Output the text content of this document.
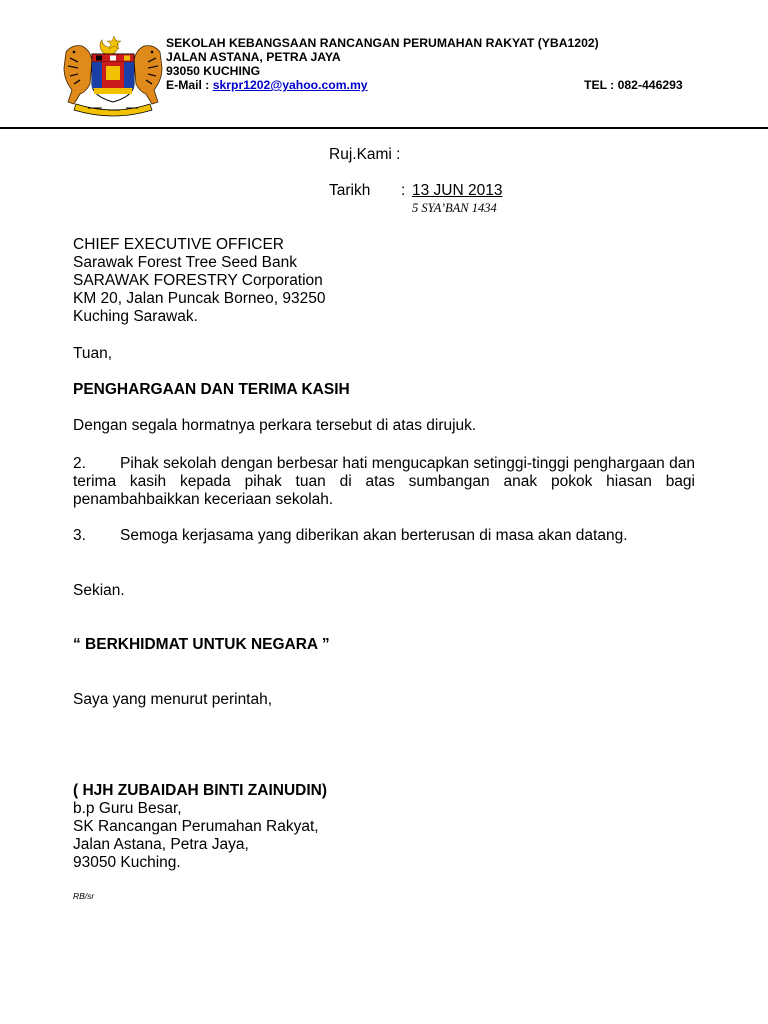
SEKOLAH KEBANGSAAN RANCANGAN PERUMAHAN RAKYAT (YBA1202)
JALAN ASTANA, PETRA JAYA
93050 KUCHING
E-Mail : skrpr1202@yahoo.com.my	TEL : 082-446293
Ruj.Kami :
Tarikh : 13 JUN 2013
5 SYA’BAN 1434
CHIEF EXECUTIVE OFFICER
Sarawak Forest Tree Seed Bank
SARAWAK FORESTRY Corporation
KM 20, Jalan Puncak Borneo, 93250
Kuching Sarawak.
Tuan,
PENGHARGAAN DAN TERIMA KASIH
Dengan segala hormatnya perkara tersebut di atas dirujuk.
2. Pihak sekolah dengan berbesar hati mengucapkan setinggi-tinggi penghargaan dan terima kasih kepada pihak tuan di atas sumbangan anak pokok hiasan bagi penambahbaikkan keceriaan sekolah.
3. Semoga kerjasama yang diberikan akan berterusan di masa akan datang.
Sekian.
“ BERKHIDMAT UNTUK NEGARA ”
Saya yang menurut perintah,
( HJH ZUBAIDAH BINTI ZAINUDIN)
b.p Guru Besar,
SK Rancangan Perumahan Rakyat,
Jalan Astana, Petra Jaya,
93050 Kuching.
RB/sr
